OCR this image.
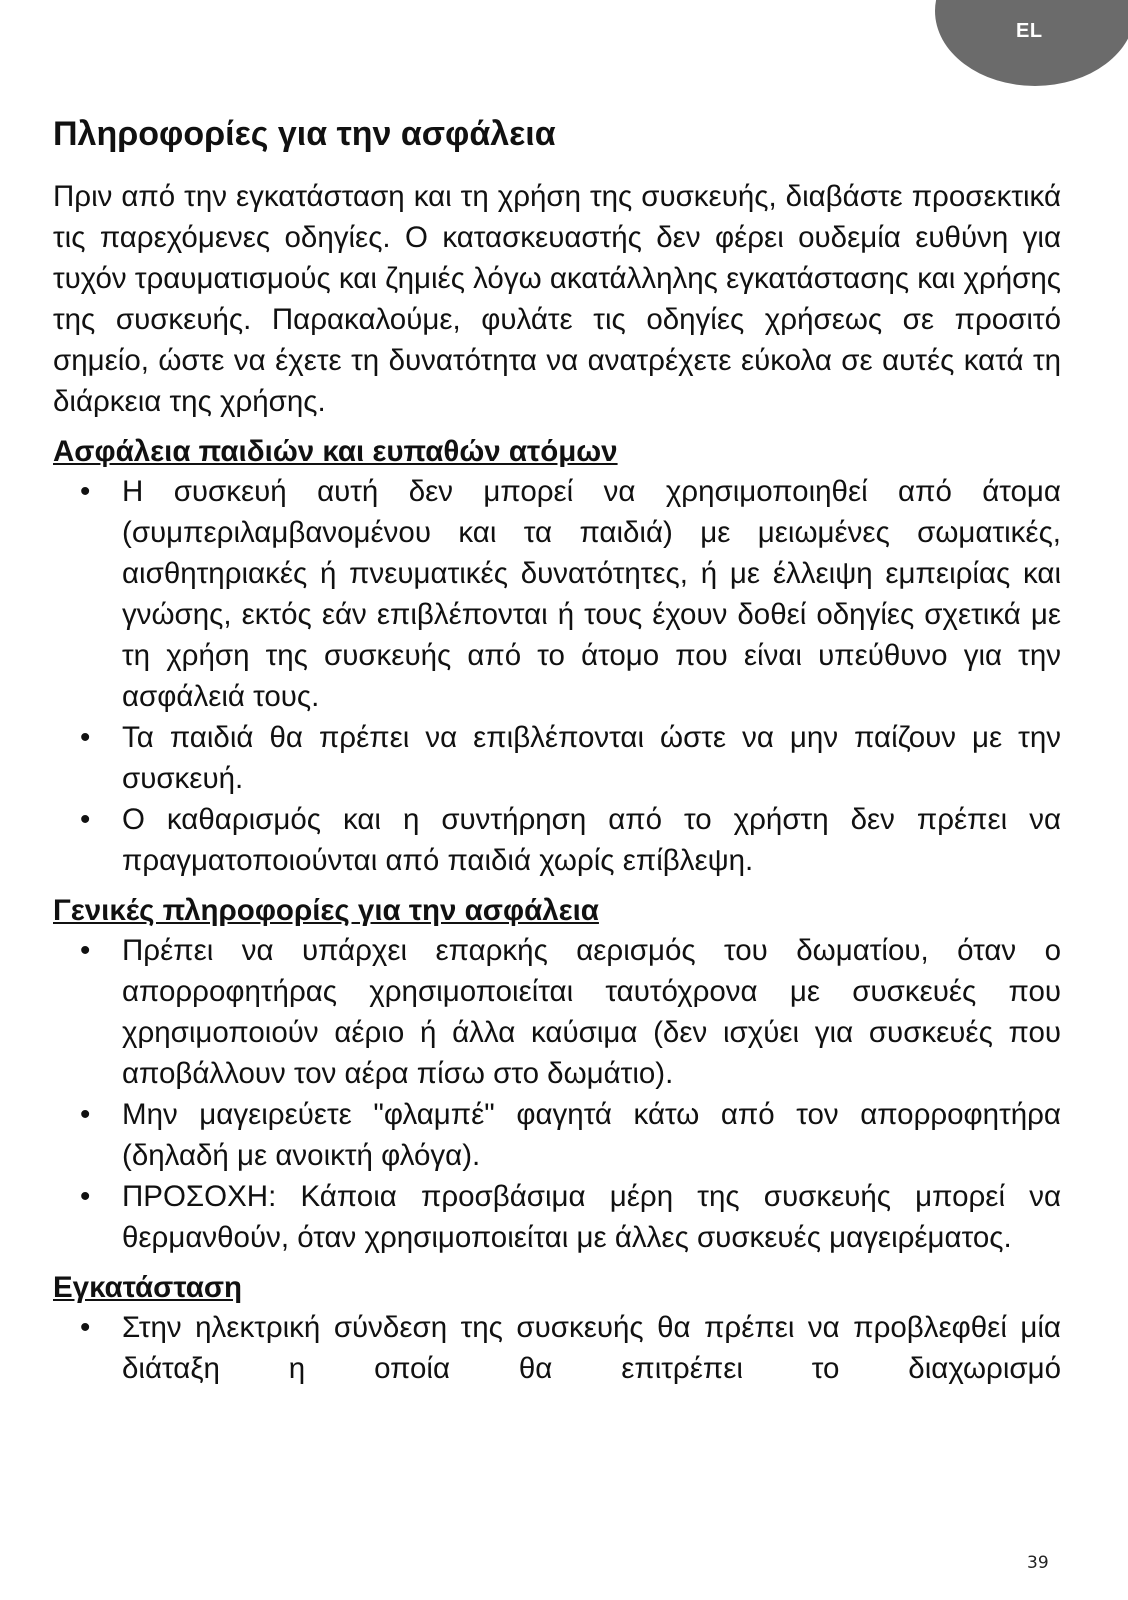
EL
Πληροφορίες για την ασφάλεια

Πριν από την εγκατάσταση και τη χρήση της συσκευής, διαβάστε προσεκτικά τις παρεχόμενες οδηγίες. Ο κατασκευαστής δεν φέρει ουδεμία ευθύνη για τυχόν τραυματισμούς και ζημιές λόγω ακατάλληλης εγκατάστασης και χρήσης της συσκευής. Παρακαλούμε, φυλάτε τις οδηγίες χρήσεως σε προσιτό σημείο, ώστε να έχετε τη δυνατότητα να ανατρέχετε εύκολα σε αυτές κατά τη διάρκεια της χρήσης.

Ασφάλεια παιδιών και ευπαθών ατόμων
• Η συσκευή αυτή δεν μπορεί να χρησιμοποιηθεί από άτομα (συμπεριλαμβανομένου και τα παιδιά) με μειωμένες σωματικές, αισθητηριακές ή πνευματικές δυνατότητες, ή με έλλειψη εμπειρίας και γνώσης, εκτός εάν επιβλέπονται ή τους έχουν δοθεί οδηγίες σχετικά με τη χρήση της συσκευής από το άτομο που είναι υπεύθυνο για την ασφάλειά τους.
• Τα παιδιά θα πρέπει να επιβλέπονται ώστε να μην παίζουν με την συσκευή.
• Ο καθαρισμός και η συντήρηση από το χρήστη δεν πρέπει να πραγματοποιούνται από παιδιά χωρίς επίβλεψη.
Γενικές πληροφορίες για την ασφάλεια
• Πρέπει να υπάρχει επαρκής αερισμός του δωματίου, όταν ο απορροφητήρας χρησιμοποιείται ταυτόχρονα με συσκευές που χρησιμοποιούν αέριο ή άλλα καύσιμα (δεν ισχύει για συσκευές που αποβάλλουν τον αέρα πίσω στο δωμάτιο).
• Μην μαγειρεύετε "φλαμπέ" φαγητά κάτω από τον απορροφητήρα (δηλαδή με ανοικτή φλόγα).
• ΠΡΟΣΟΧΗ: Κάποια προσβάσιμα μέρη της συσκευής μπορεί να θερμανθούν, όταν χρησιμοποιείται με άλλες συσκευές μαγειρέματος.
Εγκατάσταση
• Στην ηλεκτρική σύνδεση της συσκευής θα πρέπει να προβλεφθεί μία διάταξη η οποία θα επιτρέπει το διαχωρισμό
39
